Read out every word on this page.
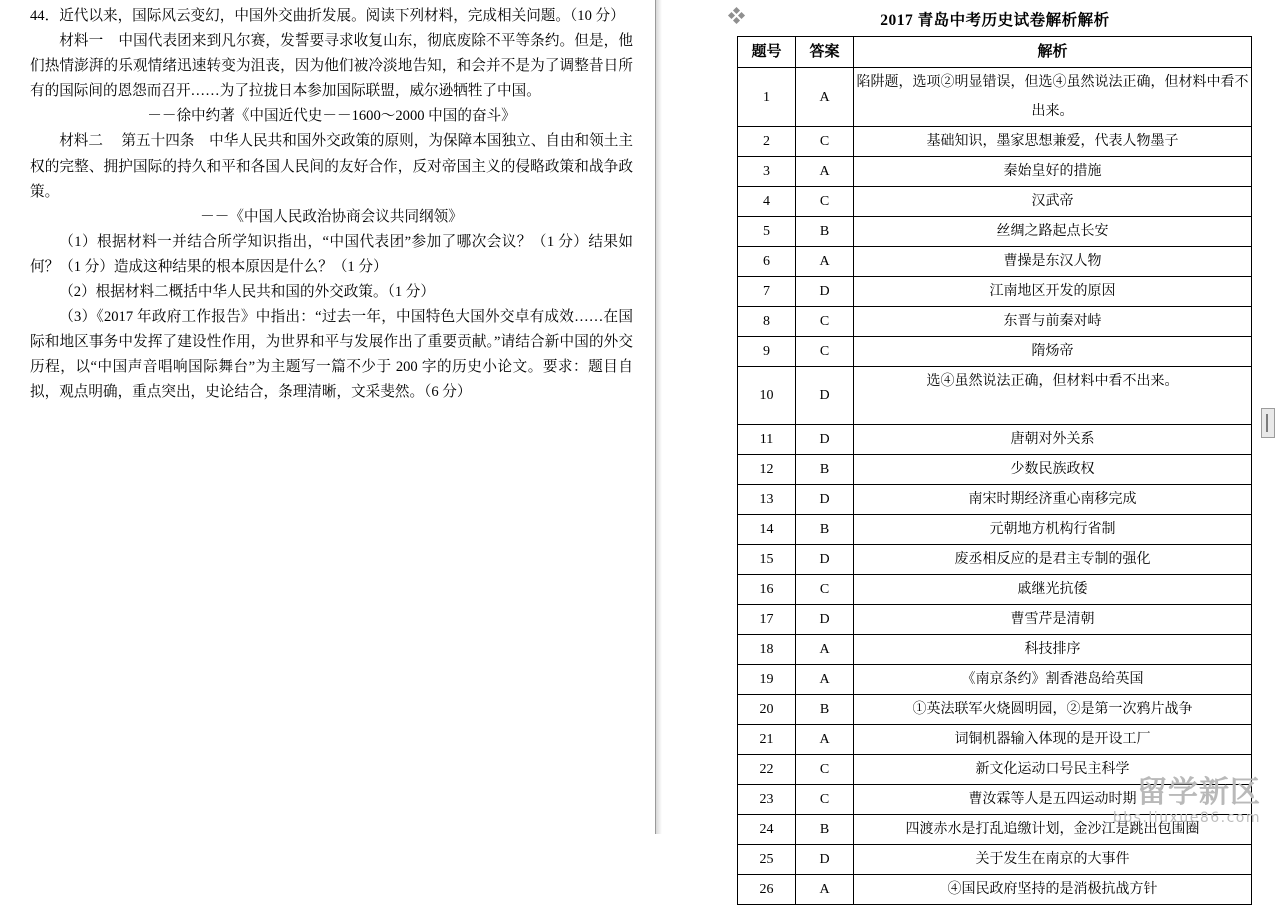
44．近代以来，国际风云变幻，中国外交曲折发展。阅读下列材料，完成相关问题。（10 分）

材料一 中国代表团来到凡尔赛，发誓要寻求收复山东，彻底废除不平等条约。但是，他们热情澎湃的乐观情绪迅速转变为沮丧，因为他们被冷淡地告知，和会并不是为了调整昔日所有的国际间的恩怨而召开……为了拉拢日本参加国际联盟，威尔逊牺牲了中国。

－－徐中约著《中国近代史－－1600～2000 中国的奋斗》

材料二 第五十四条 中华人民共和国外交政策的原则，为保障本国独立、自由和领土主权的完整、拥护国际的持久和平和各国人民间的友好合作，反对帝国主义的侵略政策和战争政策。

－－《中国人民政治协商会议共同纲领》

（1）根据材料一并结合所学知识指出，“中国代表团”参加了哪次会议？（1 分）结果如何？（1 分）造成这种结果的根本原因是什么？（1 分）

（2）根据材料二概括中华人民共和国的外交政策。（1 分）

（3）《2017 年政府工作报告》中指出：“过去一年，中国特色大国外交卓有成效……在国际和地区事务中发挥了建设性作用，为世界和平与发展作出了重要贡献。”请结合新中国的外交历程，以“中国声音唱响国际舞台”为主题写一篇不少于 200 字的历史小论文。要求：题目自拟，观点明确，重点突出，史论结合，条理清晰，文采斐然。（6 分）

2017 青岛中考历史试卷解析解析
题号	答案	解析
1	A	陷阱题，选项②明显错误，但选④虽然说法正确，但材料中看不出来。
2	C	基础知识，墨家思想兼爱，代表人物墨子
3	A	秦始皇好的措施
4	C	汉武帝
5	B	丝绸之路起点长安
6	A	曹操是东汉人物
7	D	江南地区开发的原因
8	C	东晋与前秦对峙
9	C	隋炀帝
10	D	选④虽然说法正确，但材料中看不出来。
11	D	唐朝对外关系
12	B	少数民族政权
13	D	南宋时期经济重心南移完成
14	B	元朝地方机构行省制
15	D	废丞相反应的是君主专制的强化
16	C	戚继光抗倭
17	D	曹雪芹是清朝
18	A	科技排序
19	A	《南京条约》割香港岛给英国
20	B	①英法联军火烧圆明园，②是第一次鸦片战争
21	A	词铜机器输入体现的是开设工厂
22	C	新文化运动口号民主科学
23	C	曹汝霖等人是五四运动时期
24	B	四渡赤水是打乱追缴计划，金沙江是跳出包围圈
25	D	关于发生在南京的大事件
26	A	④国民政府坚持的是消极抗战方针
留学新区
bbs.liuxue86.com
